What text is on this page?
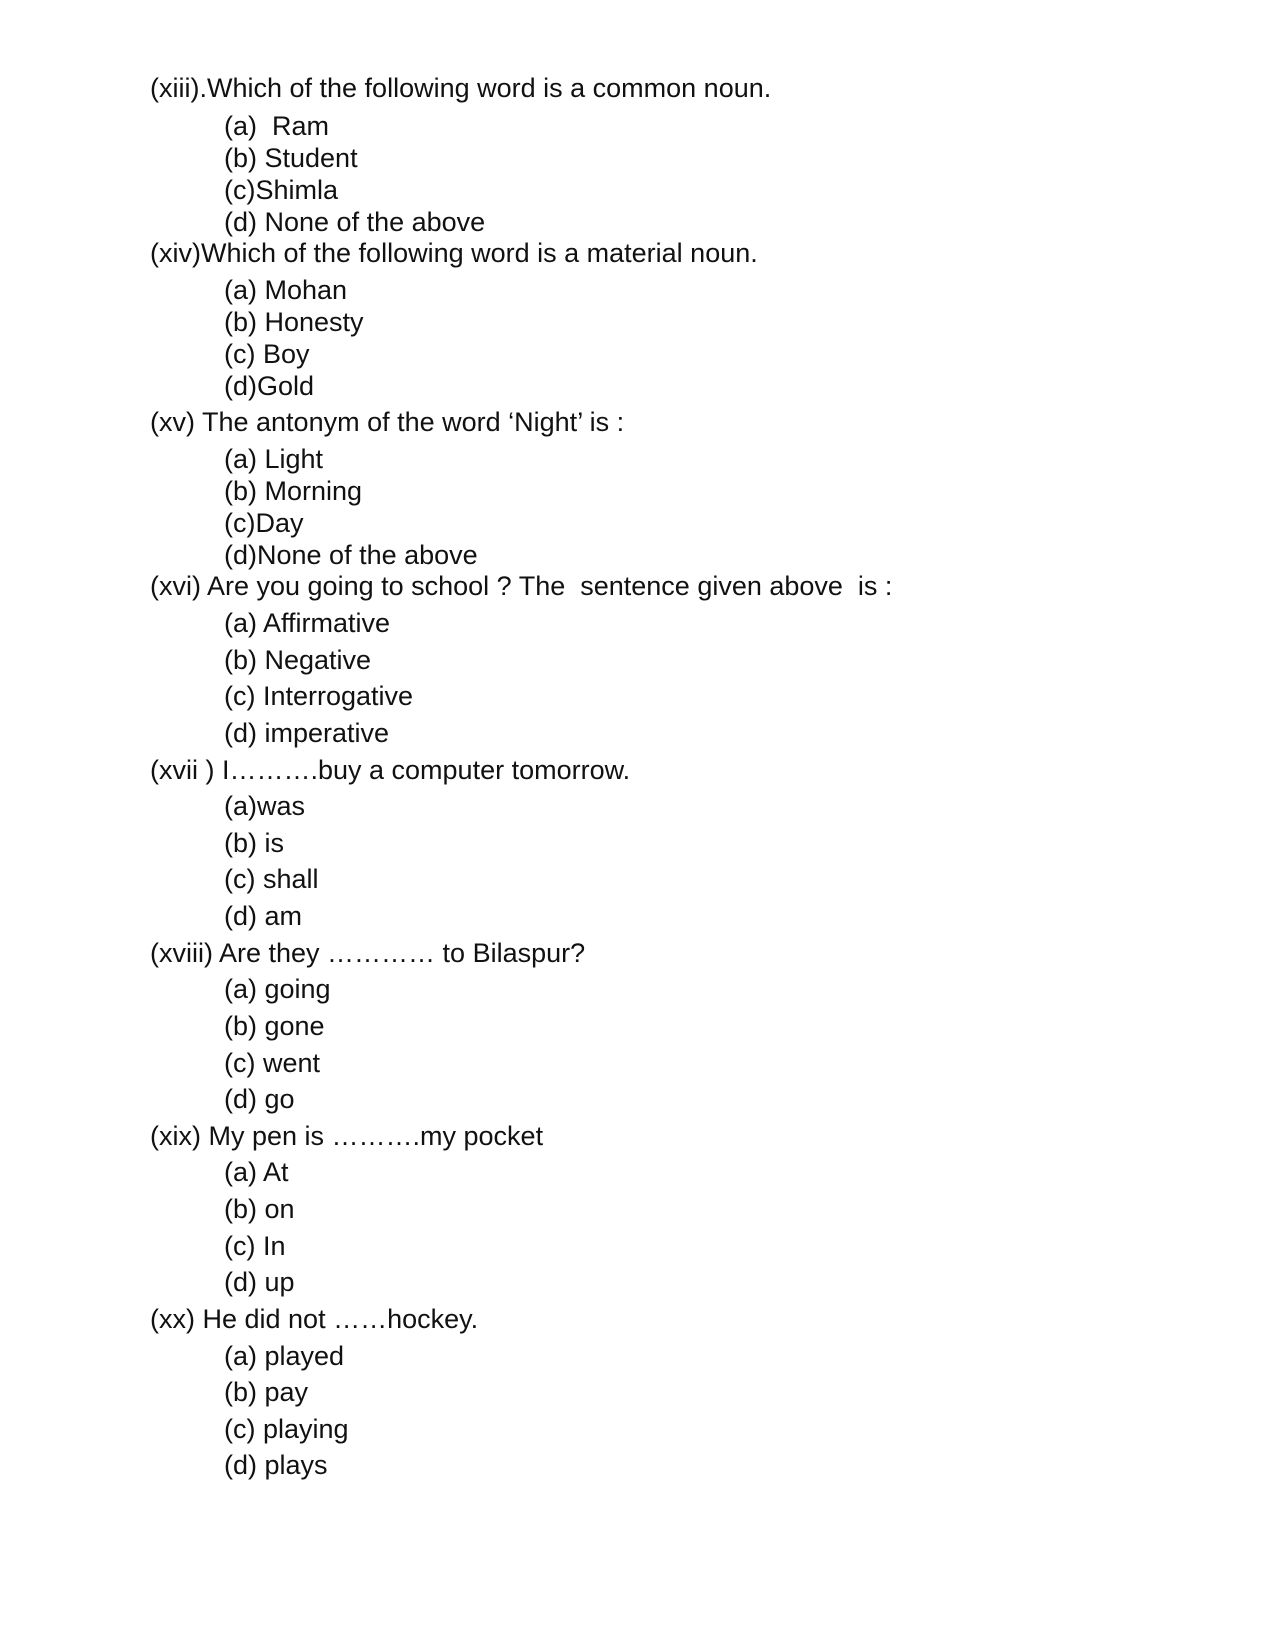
(xiii).Which of the following word is a common noun.
(a)  Ram
(b) Student
(c)Shimla
(d) None of the above
(xiv)Which of the following word is a material noun.
(a) Mohan
(b) Honesty
(c) Boy
(d)Gold
(xv) The antonym of the word ‘Night’ is :
(a) Light
(b) Morning
(c)Day
(d)None of the above
(xvi) Are you going to school ? The  sentence given above  is :
(a) Affirmative
(b) Negative
(c) Interrogative
(d) imperative
(xvii ) I……….buy a computer tomorrow.
(a)was
(b) is
(c) shall
(d) am
(xviii) Are they ………… to Bilaspur?
(a) going
(b) gone
(c) went
(d) go
(xix) My pen is ……….my pocket
(a) At
(b) on
(c) In
(d) up
(xx) He did not ……hockey.
(a) played
(b) pay
(c) playing
(d) plays
